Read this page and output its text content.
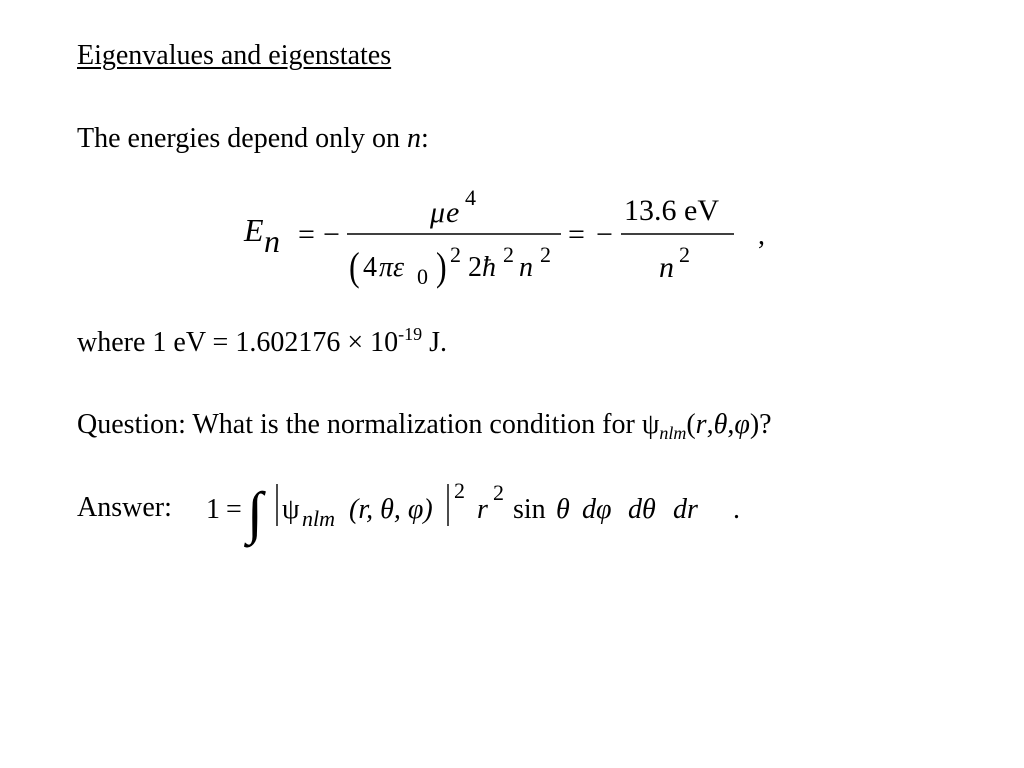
Eigenvalues and eigenstates
The energies depend only on n:
E n = −
μ e 4
( 4 π ε 0 ) 2 2 ħ 2 n 2
= −
13.6 eV
n 2
,
where 1 eV = $1.602176 \times 10^{-19}$ J.
Question: What is the normalization condition for $\psi_{nlm}(r,\theta,\varphi)$?
Answer: 1 = ∫ ψ nlm (r, θ, φ)
2
r
2
sin θ dφ dθ dr .
